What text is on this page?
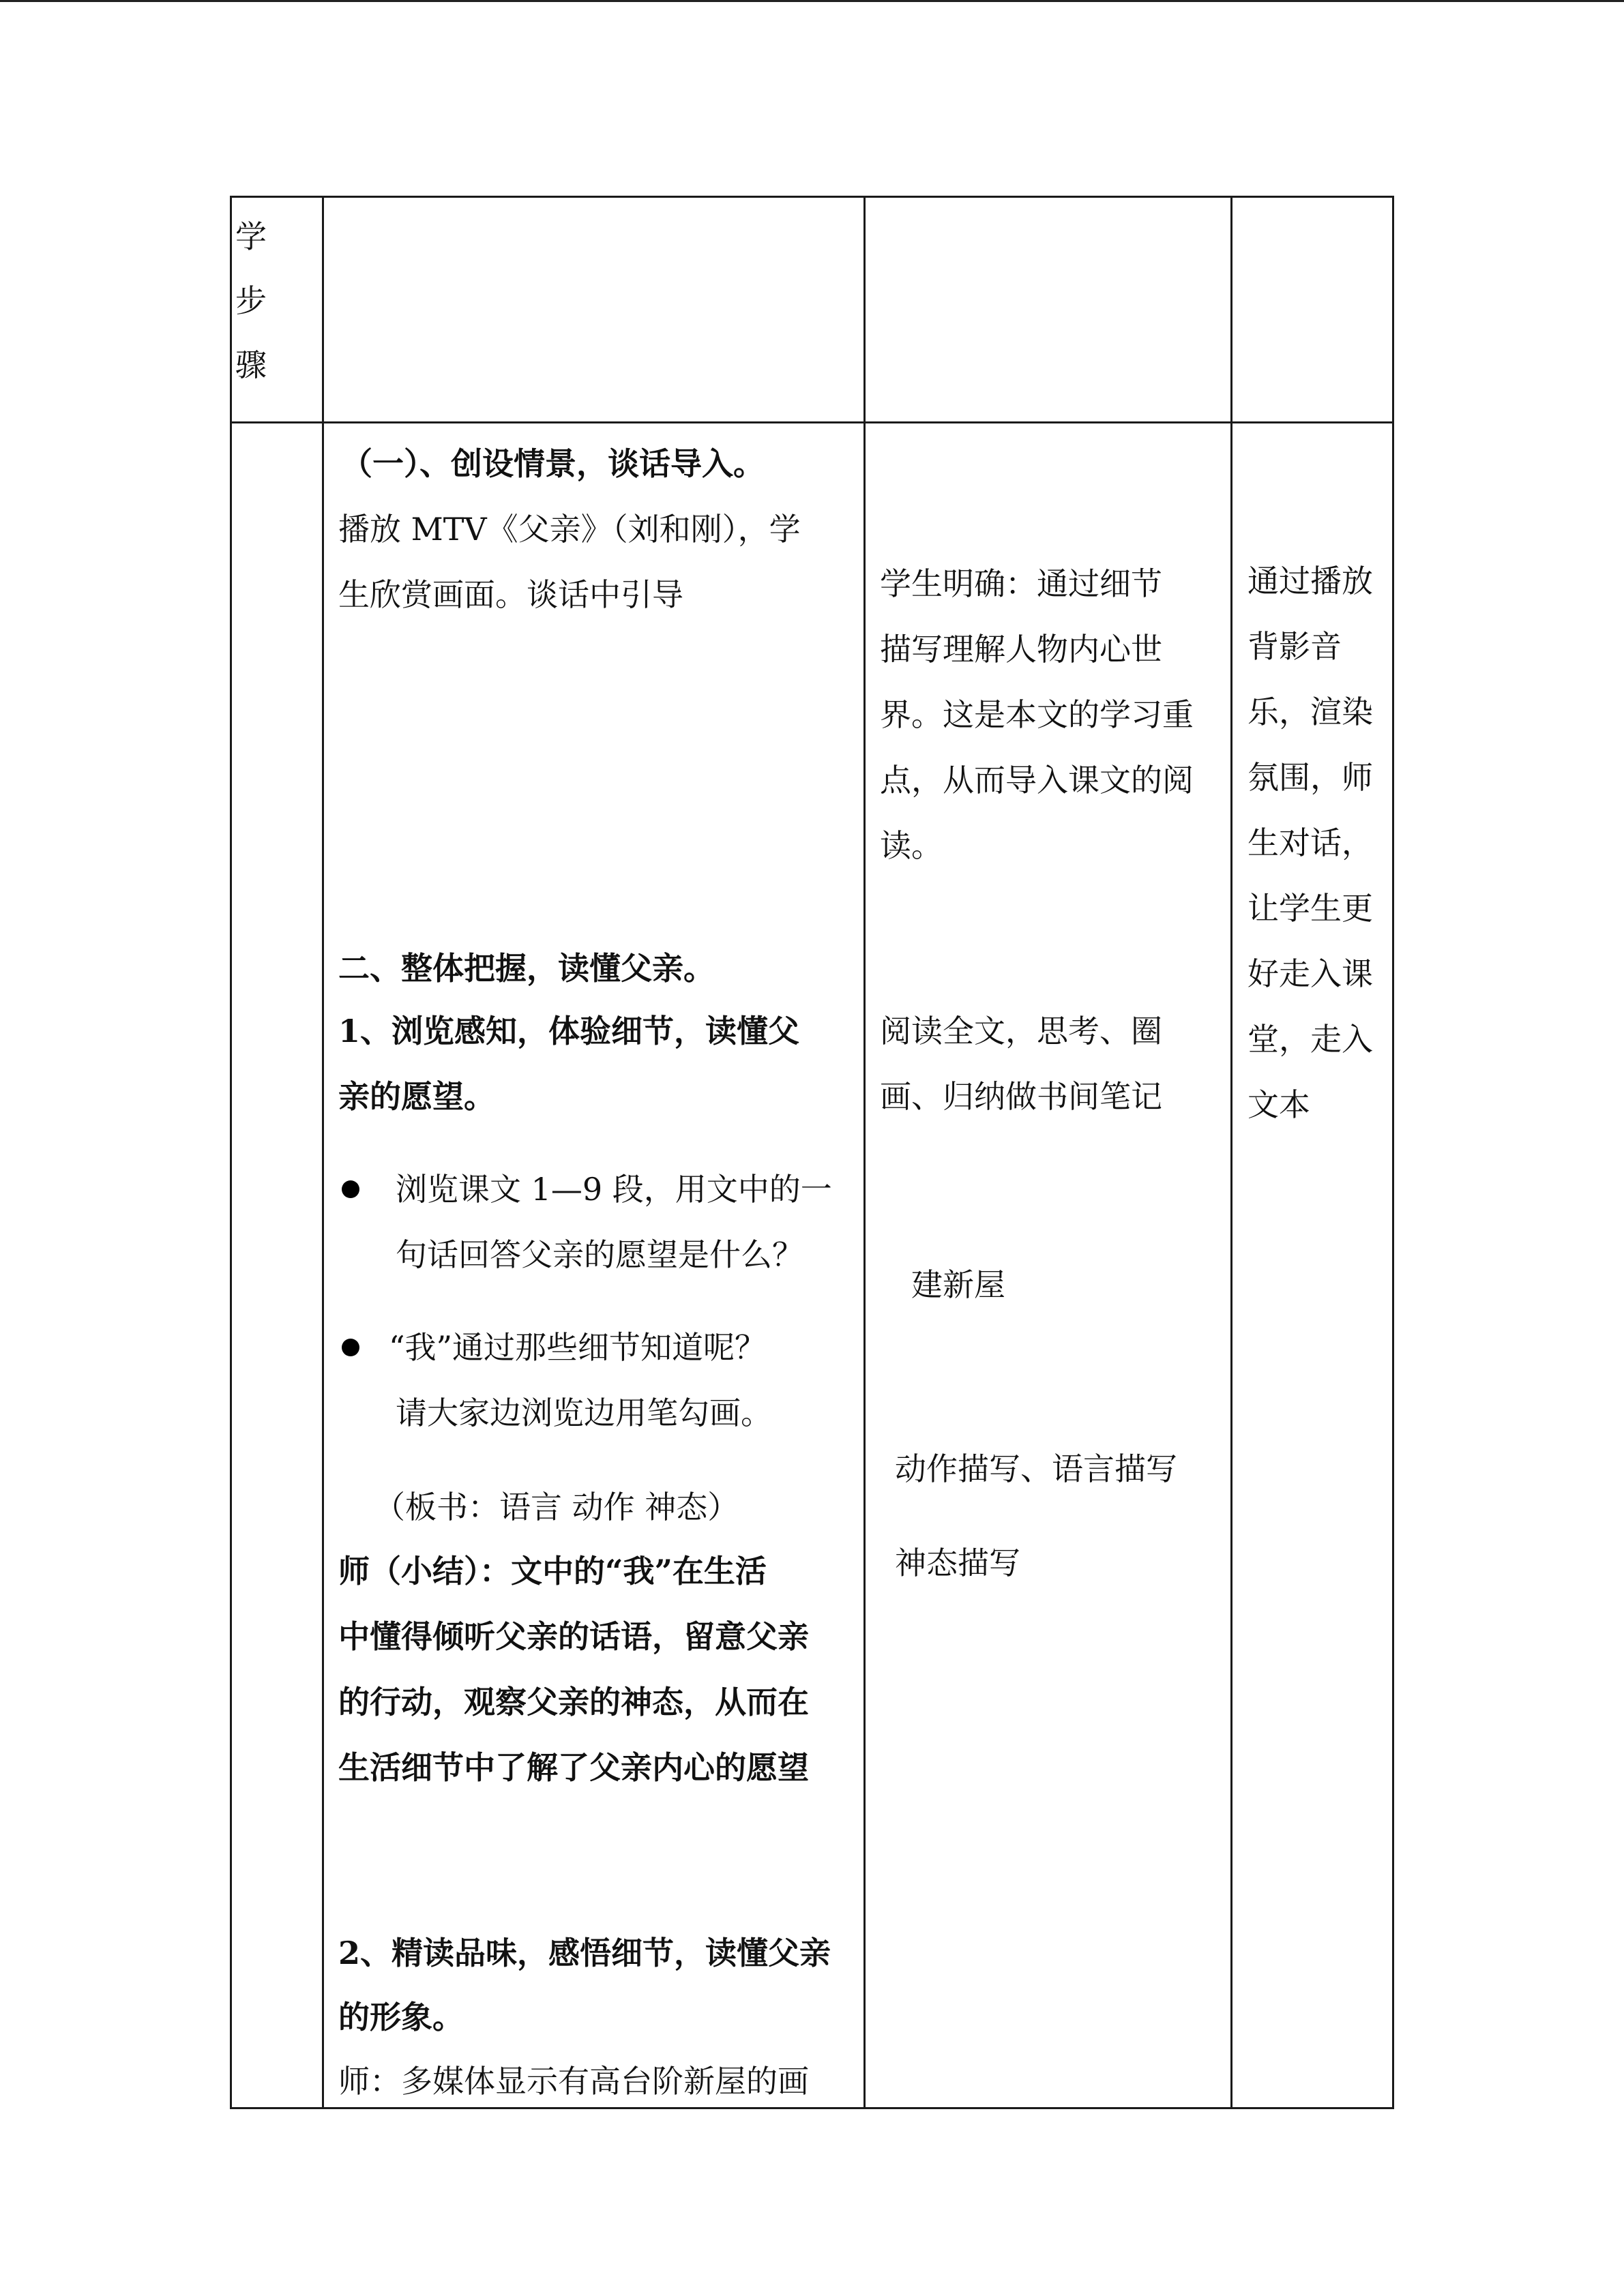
学
步
骤

（一）、创设情景，谈话导入。

播放 MTV《父亲》（刘和刚），学

生欣赏画面。谈话中引导

二、整体把握，读懂父亲。

1、浏览感知，体验细节，读懂父

亲的愿望。

浏览课文 1—9 段，用文中的一

句话回答父亲的愿望是什么？

“我”通过那些细节知道呢？

请大家边浏览边用笔勾画。

（板书：语言 动作 神态）

师（小结）：文中的“我”在生活

中懂得倾听父亲的话语，留意父亲

的行动，观察父亲的神态，从而在

生活细节中了解了父亲内心的愿望

2、精读品味，感悟细节，读懂父亲

的形象。

师：多媒体显示有高台阶新屋的画

学生明确：通过细节

描写理解人物内心世

界。这是本文的学习重

点，从而导入课文的阅

读。

阅读全文，思考、圈

画、归纳做书间笔记

建新屋

动作描写、语言描写

神态描写

通过播放

背影音

乐，渲染

氛围，师

生对话，

让学生更

好走入课

堂，走入

文本
